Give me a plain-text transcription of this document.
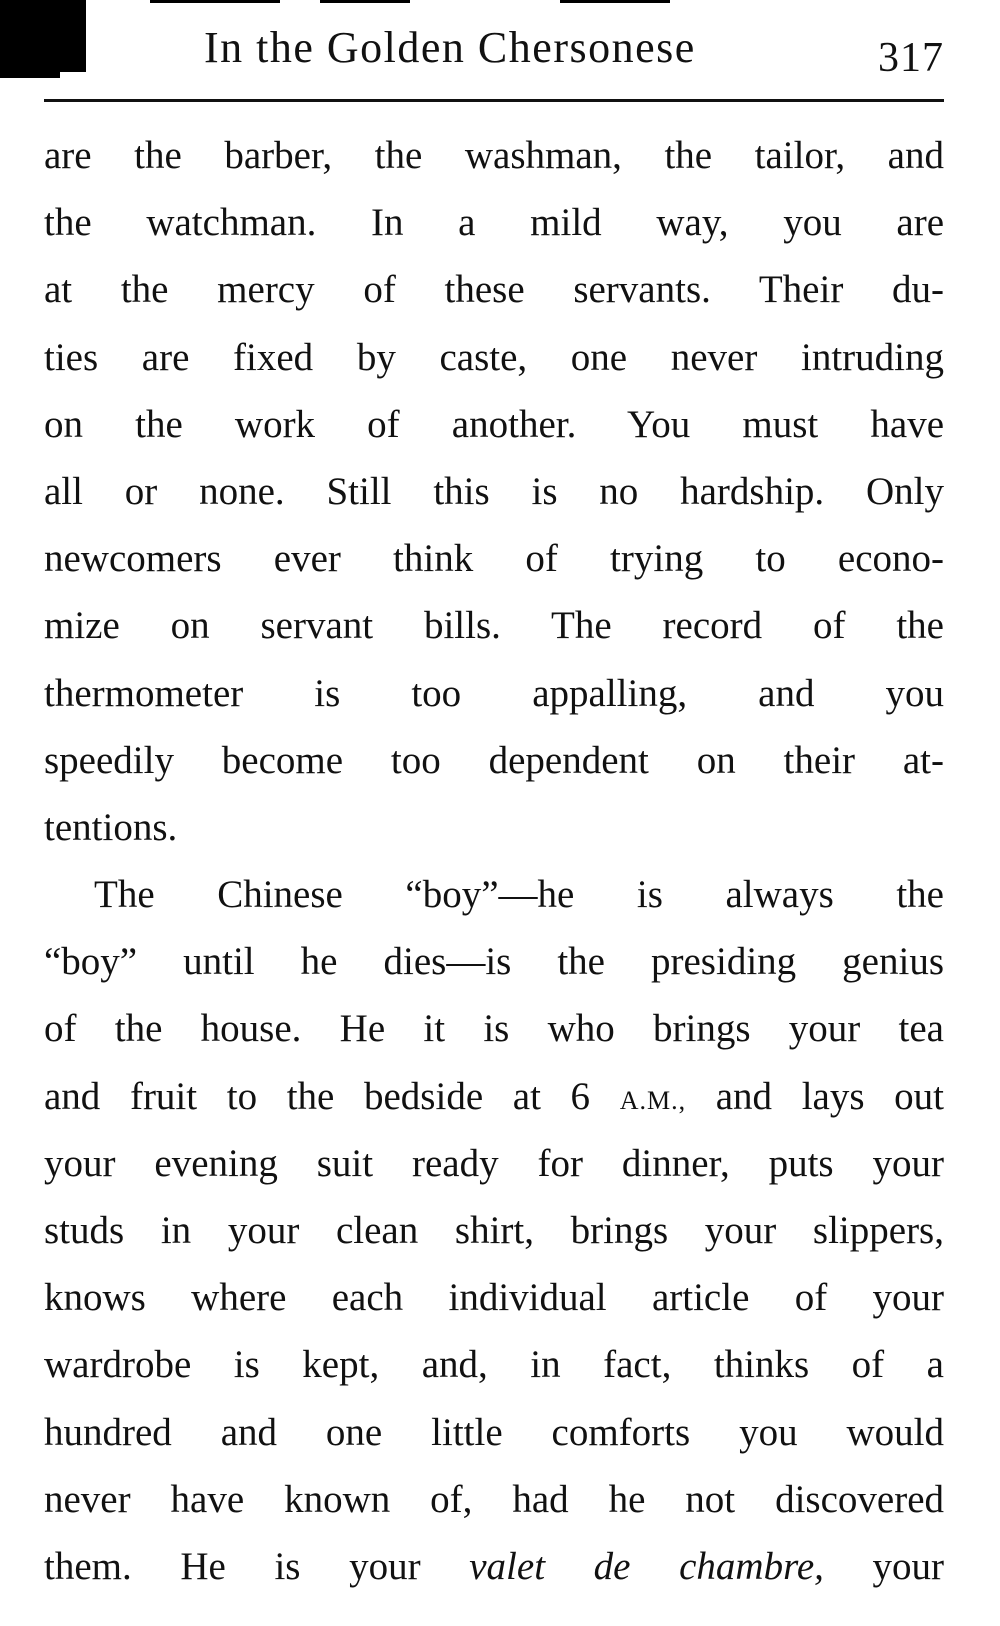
In the Golden Chersonese	317
are the barber, the washman, the tailor, and
the watchman. In a mild way, you are
at the mercy of these servants. Their du-
ties are fixed by caste, one never intruding
on the work of another. You must have
all or none. Still this is no hardship. Only
newcomers ever think of trying to econo-
mize on servant bills. The record of the
thermometer is too appalling, and you
speedily become too dependent on their at-
tentions.
The Chinese “boy”—he is always the
“boy” until he dies—is the presiding genius
of the house. He it is who brings your tea
and fruit to the bedside at 6 A.M., and lays out
your evening suit ready for dinner, puts your
studs in your clean shirt, brings your slippers,
knows where each individual article of your
wardrobe is kept, and, in fact, thinks of a
hundred and one little comforts you would
never have known of, had he not discovered
them. He is your valet de chambre, your
